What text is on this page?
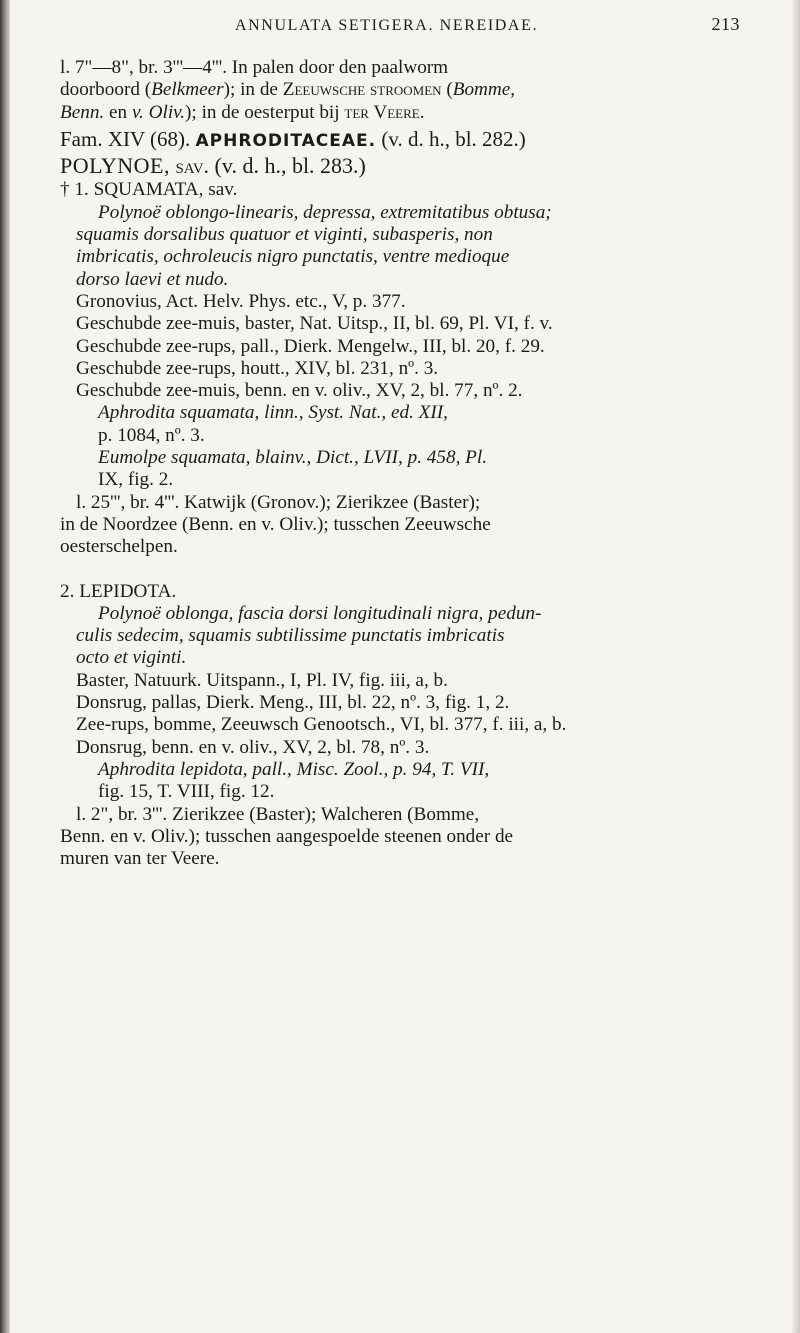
ANNULATA SETIGERA. NEREIDAE.	213

l. 7"—8", br. 3'''—4'''. In palen door den paalworm

doorboord (Belkmeer); in de Zeeuwsche stroomen (Bomme,

Benn. en v. Oliv.); in de oesterput bij ter Veere.

Fam. XIV (68). APHRODITACEAE. (v. d. h., bl. 282.)

POLYNOE, sav. (v. d. h., bl. 283.)

† 1. SQUAMATA, sav.

Polynoë oblongo-linearis, depressa, extremitatibus obtusa;

squamis dorsalibus quatuor et viginti, subasperis, non

imbricatis, ochroleucis nigro punctatis, ventre medioque

dorso laevi et nudo.

Gronovius, Act. Helv. Phys. etc., V, p. 377.

Geschubde zee-muis, baster, Nat. Uitsp., II, bl. 69, Pl. VI, f. v.

Geschubde zee-rups, pall., Dierk. Mengelw., III, bl. 20, f. 29.

Geschubde zee-rups, houtt., XIV, bl. 231, nº. 3.

Geschubde zee-muis, benn. en v. oliv., XV, 2, bl. 77, nº. 2.

Aphrodita squamata, linn., Syst. Nat., ed. XII,

p. 1084, nº. 3.

Eumolpe squamata, blainv., Dict., LVII, p. 458, Pl.

IX, fig. 2.

l. 25''', br. 4'''. Katwijk (Gronov.); Zierikzee (Baster);

in de Noordzee (Benn. en v. Oliv.); tusschen Zeeuwsche

oesterschelpen.

2. LEPIDOTA.

Polynoë oblonga, fascia dorsi longitudinali nigra, pedun-

culis sedecim, squamis subtilissime punctatis imbricatis

octo et viginti.

Baster, Natuurk. Uitspann., I, Pl. IV, fig. iii, a, b.

Donsrug, pallas, Dierk. Meng., III, bl. 22, nº. 3, fig. 1, 2.

Zee-rups, bomme, Zeeuwsch Genootsch., VI, bl. 377, f. iii, a, b.

Donsrug, benn. en v. oliv., XV, 2, bl. 78, nº. 3.

Aphrodita lepidota, pall., Misc. Zool., p. 94, T. VII,

fig. 15, T. VIII, fig. 12.

l. 2", br. 3'''. Zierikzee (Baster); Walcheren (Bomme,

Benn. en v. Oliv.); tusschen aangespoelde steenen onder de

muren van ter Veere.
